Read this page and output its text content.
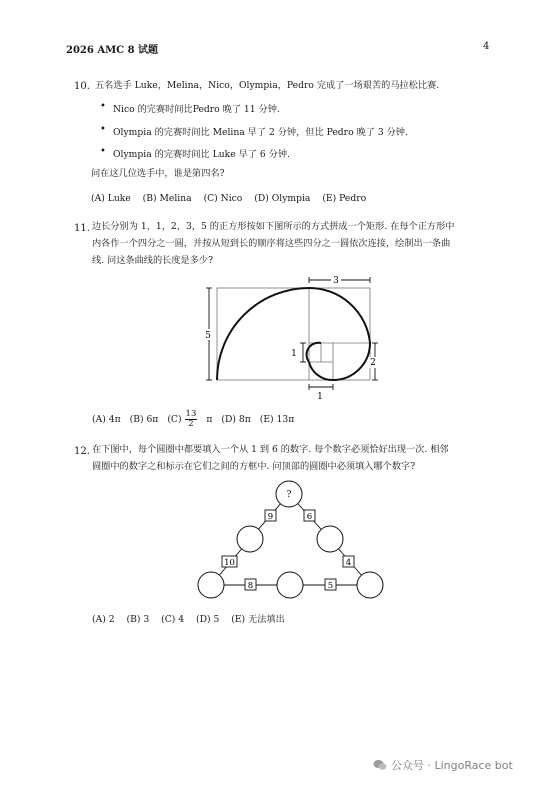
2026 AMC 8 试题	4
10. 五名选手 Luke，Melina，Nico，Olympia，Pedro 完成了一场艰苦的马拉松比赛.
• Nico 的完赛时间比Pedro 晚了 11 分钟.
• Olympia 的完赛时间比 Melina 早了 2 分钟，但比 Pedro 晚了 3 分钟.
• Olympia 的完赛时间比 Luke 早了 6 分钟.
问在这几位选手中，谁是第四名?
(A) Luke (B) Melina (C) Nico (D) Olympia (E) Pedro
11. 边长分别为 1，1，2，3，5 的正方形按如下图所示的方式拼成一个矩形. 在每个正方形中
内各作一个四分之一圆，并按从短到长的顺序将这些四分之一圆依次连接，绘制出一条曲
线. 问这条曲线的长度是多少?
3
5
1
2
1
(A) 4π (B) 6π $(C) \frac{13}{2}$ π (D) 8π (E) 13π
12. 在下图中，每个圆圈中都要填入一个从 1 到 6 的数字. 每个数字必须恰好出现一次. 相邻
圆圈中的数字之和标示在它们之间的方框中. 问顶部的圆圈中必须填入哪个数字?
?
9	6
10	4
8	5
(A) 2 (B) 3 (C) 4 (D) 5 (E) 无法填出
公众号 · LingoRace bot
